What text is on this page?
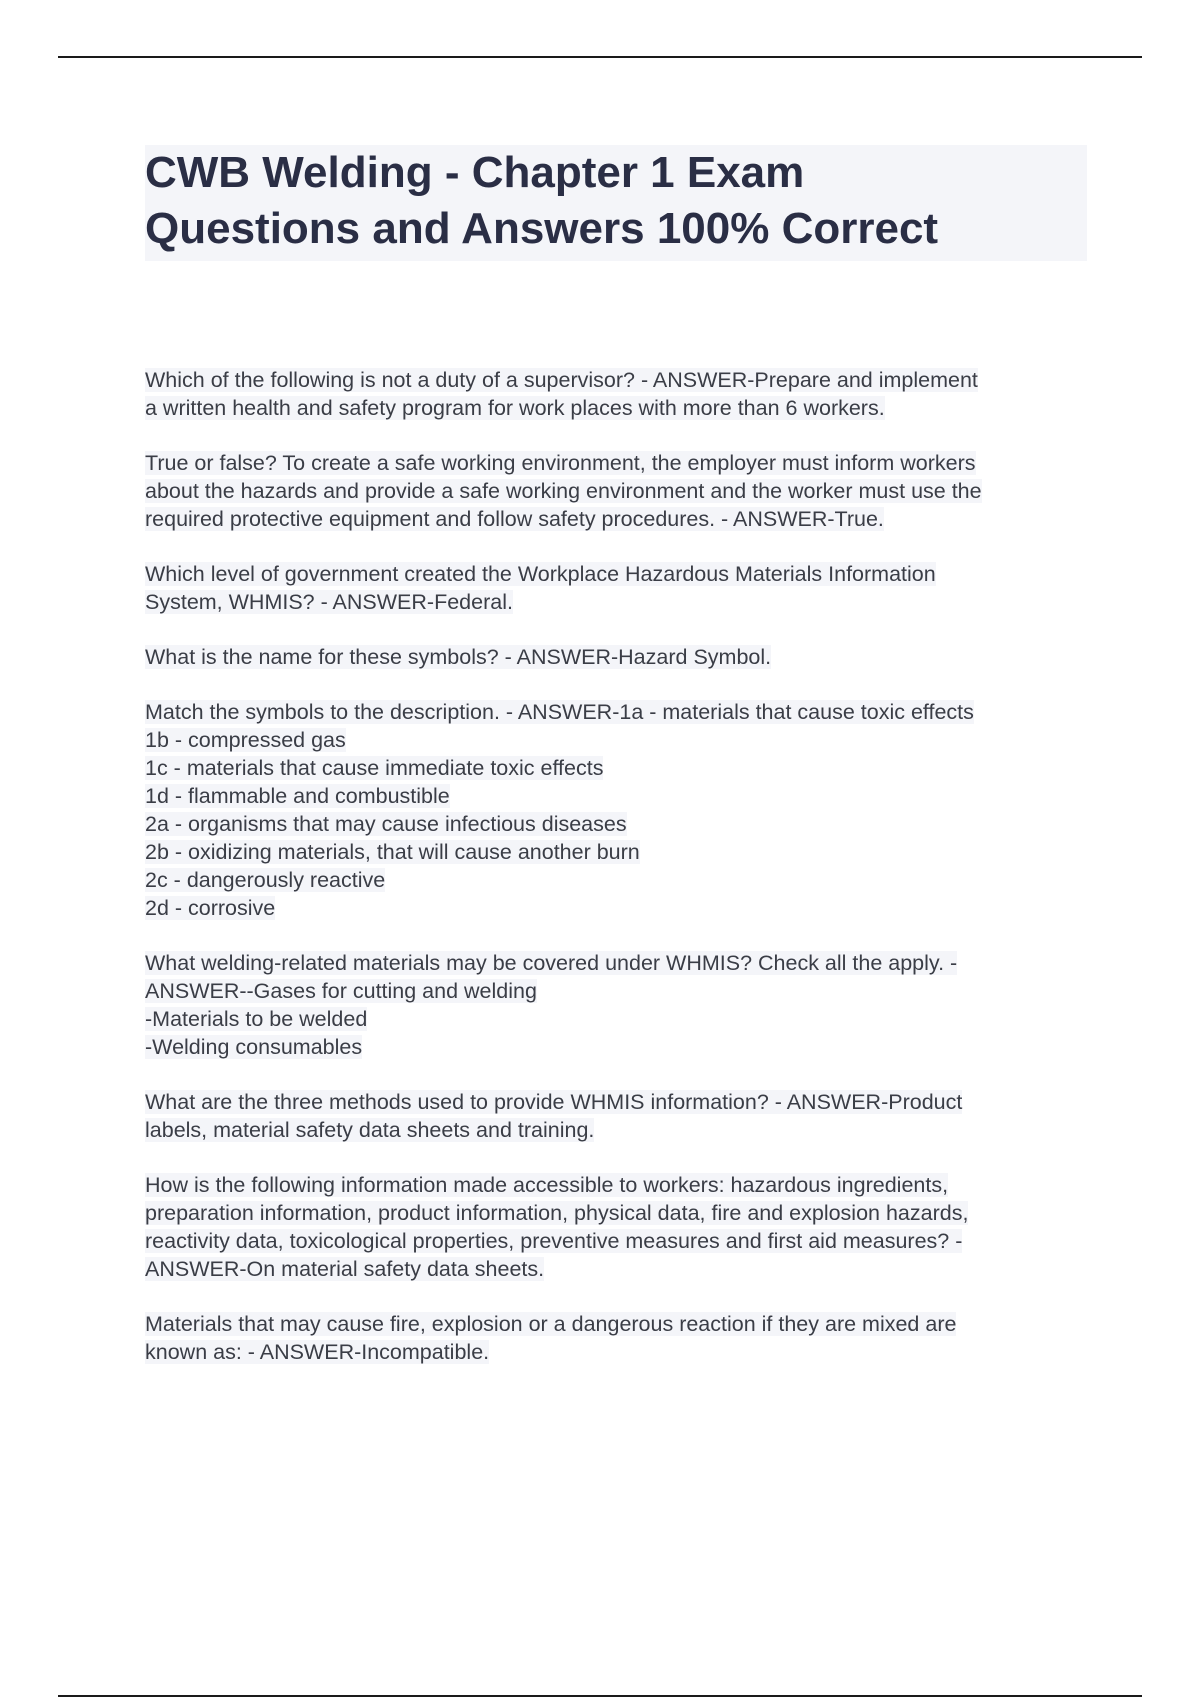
CWB Welding - Chapter 1 Exam
Questions and Answers 100% Correct
Which of the following is not a duty of a supervisor? - ANSWER-Prepare and implement
a written health and safety program for work places with more than 6 workers.
True or false? To create a safe working environment, the employer must inform workers
about the hazards and provide a safe working environment and the worker must use the
required protective equipment and follow safety procedures. - ANSWER-True.
Which level of government created the Workplace Hazardous Materials Information
System, WHMIS? - ANSWER-Federal.
What is the name for these symbols? - ANSWER-Hazard Symbol.
Match the symbols to the description. - ANSWER-1a - materials that cause toxic effects
1b - compressed gas
1c - materials that cause immediate toxic effects
1d - flammable and combustible
2a - organisms that may cause infectious diseases
2b - oxidizing materials, that will cause another burn
2c - dangerously reactive
2d - corrosive
What welding-related materials may be covered under WHMIS? Check all the apply. -
ANSWER--Gases for cutting and welding
-Materials to be welded
-Welding consumables
What are the three methods used to provide WHMIS information? - ANSWER-Product
labels, material safety data sheets and training.
How is the following information made accessible to workers: hazardous ingredients,
preparation information, product information, physical data, fire and explosion hazards,
reactivity data, toxicological properties, preventive measures and first aid measures? -
ANSWER-On material safety data sheets.
Materials that may cause fire, explosion or a dangerous reaction if they are mixed are
known as: - ANSWER-Incompatible.
